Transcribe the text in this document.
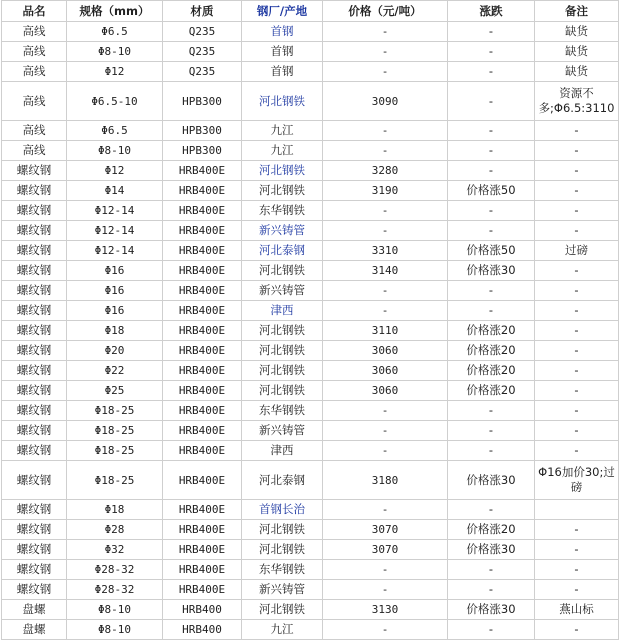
品名	规格（mm）	材质	钢厂/产地	价格（元/吨）	涨跌	备注
高线	Φ6.5	Q235	首钢	-	-	缺货
高线	Φ8-10	Q235	首钢	-	-	缺货
高线	Φ12	Q235	首钢	-	-	缺货
高线	Φ6.5-10	HPB300	河北钢铁	3090	-	资源不多;Φ6.5:3110
高线	Φ6.5	HPB300	九江	-	-	-
高线	Φ8-10	HPB300	九江	-	-	-
螺纹钢	Φ12	HRB400E	河北钢铁	3280	-	-
螺纹钢	Φ14	HRB400E	河北钢铁	3190	价格涨50	-
螺纹钢	Φ12-14	HRB400E	东华钢铁	-	-	-
螺纹钢	Φ12-14	HRB400E	新兴铸管	-	-	-
螺纹钢	Φ12-14	HRB400E	河北泰钢	3310	价格涨50	过磅
螺纹钢	Φ16	HRB400E	河北钢铁	3140	价格涨30	-
螺纹钢	Φ16	HRB400E	新兴铸管	-	-	-
螺纹钢	Φ16	HRB400E	津西	-	-	-
螺纹钢	Φ18	HRB400E	河北钢铁	3110	价格涨20	-
螺纹钢	Φ20	HRB400E	河北钢铁	3060	价格涨20	-
螺纹钢	Φ22	HRB400E	河北钢铁	3060	价格涨20	-
螺纹钢	Φ25	HRB400E	河北钢铁	3060	价格涨20	-
螺纹钢	Φ18-25	HRB400E	东华钢铁	-	-	-
螺纹钢	Φ18-25	HRB400E	新兴铸管	-	-	-
螺纹钢	Φ18-25	HRB400E	津西	-	-	-
螺纹钢	Φ18-25	HRB400E	河北泰钢	3180	价格涨30	Φ16加价30;过磅
螺纹钢	Φ18	HRB400E	首钢长治	-	-	
螺纹钢	Φ28	HRB400E	河北钢铁	3070	价格涨20	-
螺纹钢	Φ32	HRB400E	河北钢铁	3070	价格涨30	-
螺纹钢	Φ28-32	HRB400E	东华钢铁	-	-	-
螺纹钢	Φ28-32	HRB400E	新兴铸管	-	-	-
盘螺	Φ8-10	HRB400	河北钢铁	3130	价格涨30	燕山标
盘螺	Φ8-10	HRB400	九江	-	-	-
